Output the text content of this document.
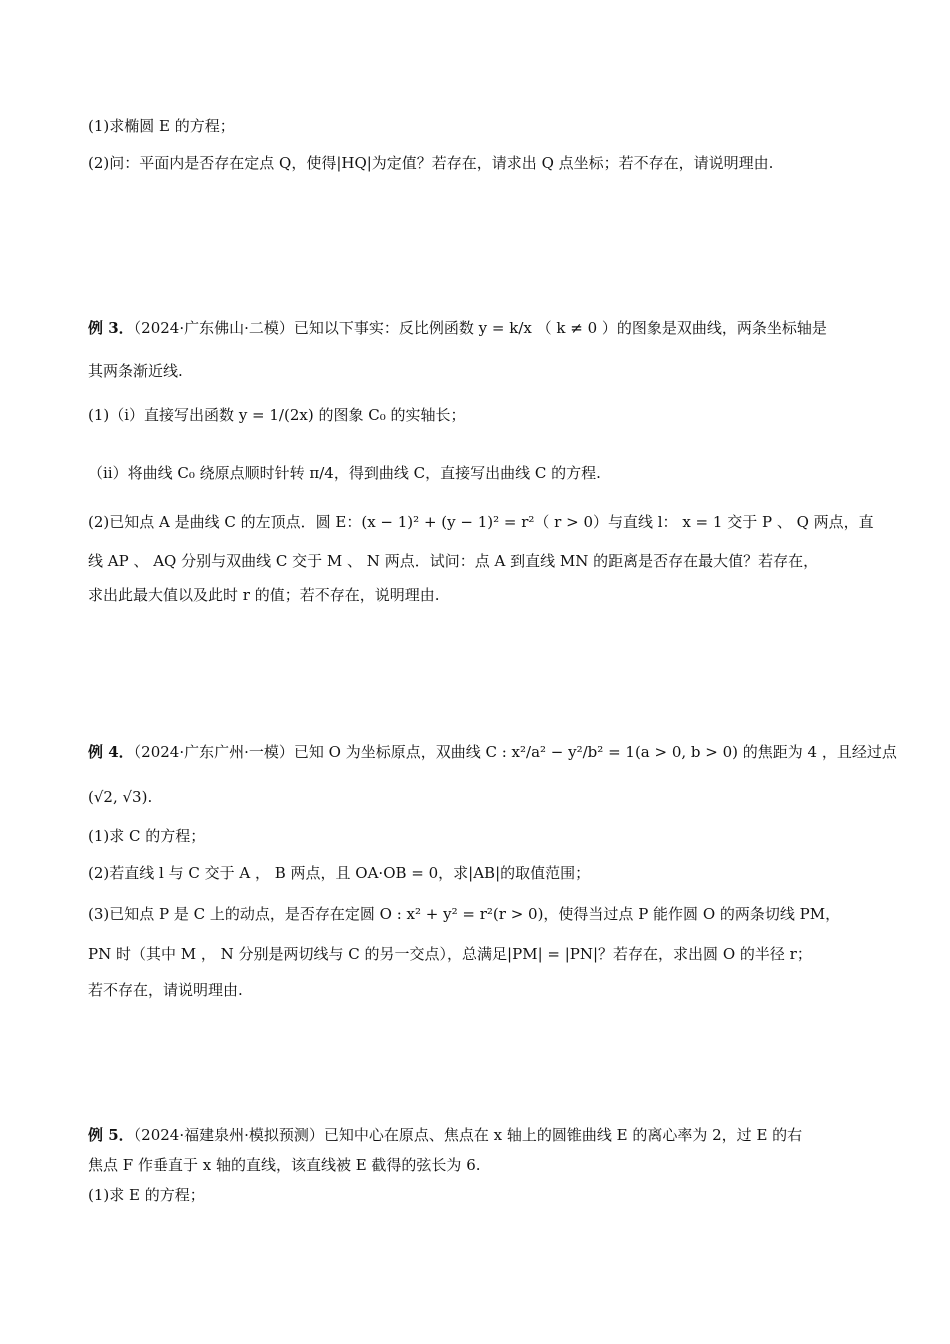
(1)求椭圆 E 的方程；
(2)问：平面内是否存在定点 Q，使得|HQ|为定值？若存在，请求出 Q 点坐标；若不存在，请说明理由.
例 3．（2024·广东佛山·二模）已知以下事实：反比例函数 y = k/x （ k ≠ 0 ）的图象是双曲线，两条坐标轴是
其两条渐近线.
(1)（ⅰ）直接写出函数 y = 1/(2x) 的图象 C₀ 的实轴长；
（ⅱ）将曲线 C₀ 绕原点顺时针转 π/4，得到曲线 C，直接写出曲线 C 的方程.
(2)已知点 A 是曲线 C 的左顶点．圆 E：(x − 1)² + (y − 1)² = r²（ r > 0）与直线 l： x = 1 交于 P 、 Q 两点，直
线 AP 、 AQ 分别与双曲线 C 交于 M 、 N 两点．试问：点 A 到直线 MN 的距离是否存在最大值？若存在，
求出此最大值以及此时 r 的值；若不存在，说明理由.
例 4．（2024·广东广州·一模）已知 O 为坐标原点，双曲线 C : x²/a² − y²/b² = 1(a > 0, b > 0) 的焦距为 4 ，且经过点
(√2, √3).
(1)求 C 的方程；
(2)若直线 l 与 C 交于 A ， B 两点，且 OA·OB = 0，求|AB|的取值范围；
(3)已知点 P 是 C 上的动点，是否存在定圆 O : x² + y² = r²(r > 0)，使得当过点 P 能作圆 O 的两条切线 PM，
PN 时（其中 M ， N 分别是两切线与 C 的另一交点），总满足|PM| = |PN|？若存在，求出圆 O 的半径 r；
若不存在，请说明理由.
例 5．（2024·福建泉州·模拟预测）已知中心在原点、焦点在 x 轴上的圆锥曲线 E 的离心率为 2，过 E 的右
焦点 F 作垂直于 x 轴的直线，该直线被 E 截得的弦长为 6.
(1)求 E 的方程；
